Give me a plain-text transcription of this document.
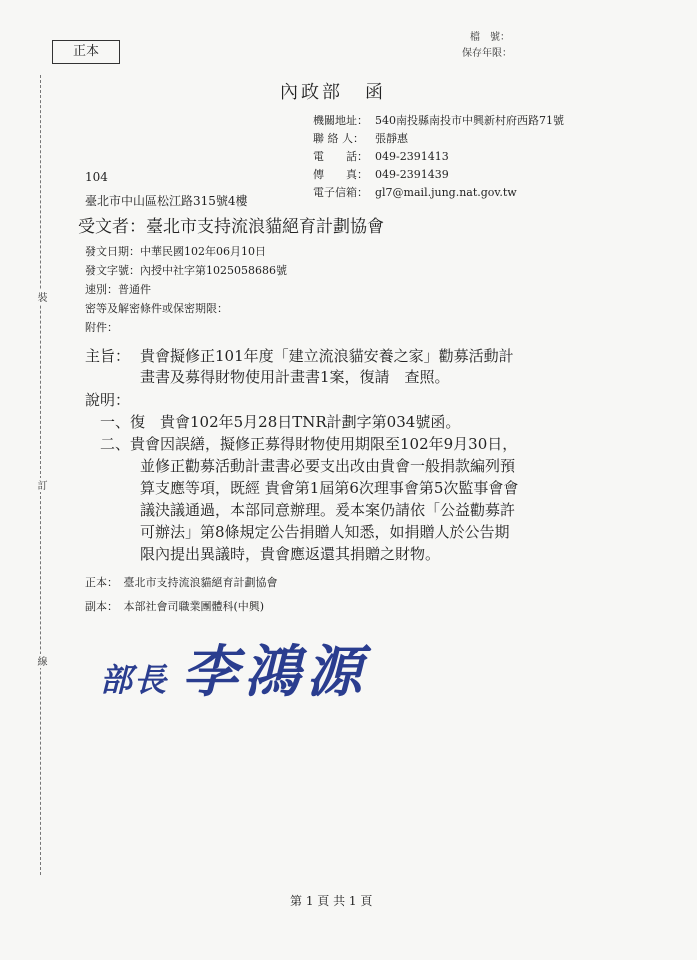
裝
訂
線
正本
檔　號：
保存年限：
內政部 函
機關地址： 540南投縣南投市中興新村府西路71號
聯 絡 人： 張靜惠
電　　話： 049-2391413
傳　　真： 049-2391439
電子信箱： gl7@mail.jung.nat.gov.tw
104
臺北市中山區松江路315號4樓
受文者：臺北市支持流浪貓絕育計劃協會
發文日期：中華民國102年06月10日
發文字號：內授中社字第1025058686號
速別：普通件
密等及解密條件或保密期限：
附件：
主旨： 貴會擬修正101年度「建立流浪貓安養之家」勸募活動計
畫書及募得財物使用計畫書1案，復請　查照。
說明：
一、復　貴會102年5月28日TNR計劃字第034號函。
二、貴會因誤繕，擬修正募得財物使用期限至102年9月30日，
並修正勸募活動計畫書必要支出改由貴會一般捐款編列預
算支應等項，既經 貴會第1屆第6次理事會第5次監事會會
議決議通過，本部同意辦理。爰本案仍請依「公益勸募許
可辦法」第8條規定公告捐贈人知悉，如捐贈人於公告期
限內提出異議時，貴會應返還其捐贈之財物。
正本：　臺北市支持流浪貓絕育計劃協會
副本：　本部社會司職業團體科(中興)
部長 李鴻源
第 1 頁 共 1 頁
